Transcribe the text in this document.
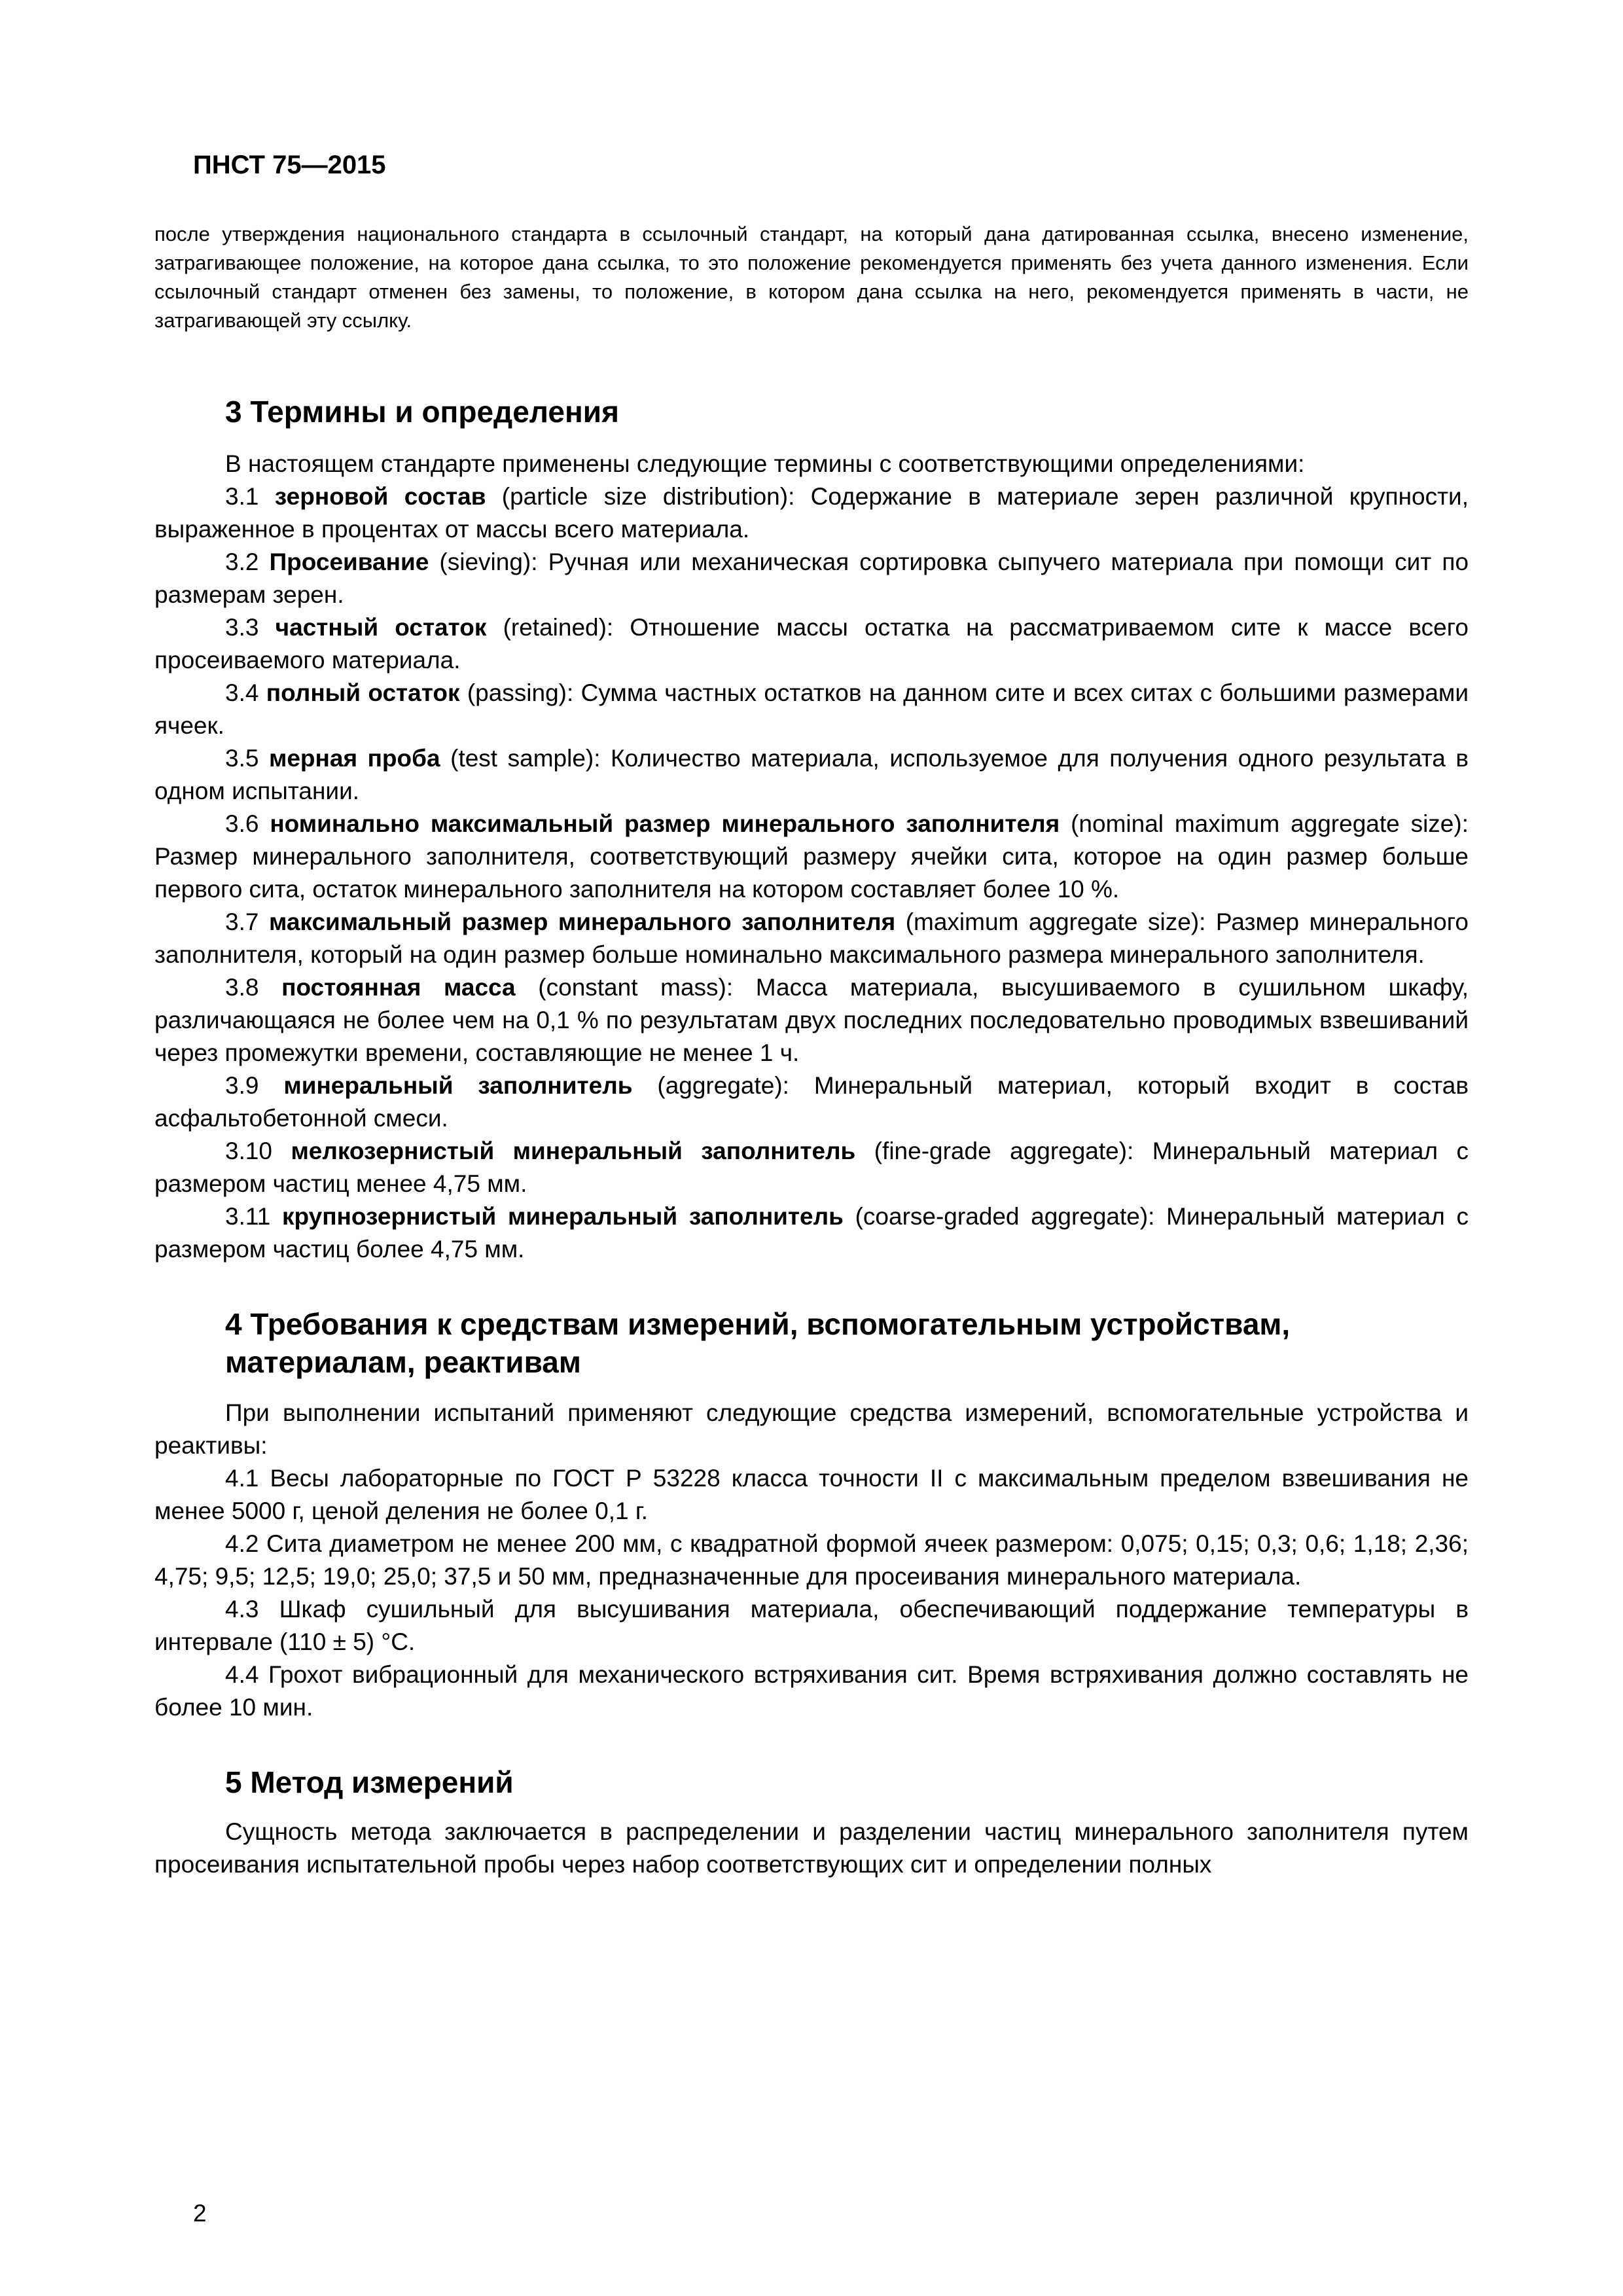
ПНСТ 75—2015

после утверждения национального стандарта в ссылочный стандарт, на который дана датированная ссылка, внесено изменение, затрагивающее положение, на которое дана ссылка, то это положение рекомендуется применять без учета данного изменения. Если ссылочный стандарт отменен без замены, то положение, в котором дана ссылка на него, рекомендуется применять в части, не затрагивающей эту ссылку.

3 Термины и определения

В настоящем стандарте применены следующие термины с соответствующими определениями:

3.1 зерновой состав (particle size distribution): Содержание в материале зерен различной крупности, выраженное в процентах от массы всего материала.

3.2 Просеивание (sieving): Ручная или механическая сортировка сыпучего материала при помощи сит по размерам зерен.

3.3 частный остаток (retained): Отношение массы остатка на рассматриваемом сите к массе всего просеиваемого материала.

3.4 полный остаток (passing): Сумма частных остатков на данном сите и всех ситах с большими размерами ячеек.

3.5 мерная проба (test sample): Количество материала, используемое для получения одного результата в одном испытании.

3.6 номинально максимальный размер минерального заполнителя (nominal maximum aggregate size): Размер минерального заполнителя, соответствующий размеру ячейки сита, которое на один размер больше первого сита, остаток минерального заполнителя на котором составляет более 10 %.

3.7 максимальный размер минерального заполнителя (maximum aggregate size): Размер минерального заполнителя, который на один размер больше номинально максимального размера минерального заполнителя.

3.8 постоянная масса (constant mass): Масса материала, высушиваемого в сушильном шкафу, различающаяся не более чем на 0,1 % по результатам двух последних последовательно проводимых взвешиваний через промежутки времени, составляющие не менее 1 ч.

3.9 минеральный заполнитель (aggregate): Минеральный материал, который входит в состав асфальтобетонной смеси.

3.10 мелкозернистый минеральный заполнитель (fine-grade aggregate): Минеральный материал с размером частиц менее 4,75 мм.

3.11 крупнозернистый минеральный заполнитель (coarse-graded aggregate): Минеральный материал с размером частиц более 4,75 мм.

4 Требования к средствам измерений, вспомогательным устройствам, материалам, реактивам

При выполнении испытаний применяют следующие средства измерений, вспомогательные устройства и реактивы:

4.1 Весы лабораторные по ГОСТ Р 53228 класса точности II с максимальным пределом взвешивания не менее 5000 г, ценой деления не более 0,1 г.

4.2 Сита диаметром не менее 200 мм, с квадратной формой ячеек размером: 0,075; 0,15; 0,3; 0,6; 1,18; 2,36; 4,75; 9,5; 12,5; 19,0; 25,0; 37,5 и 50 мм, предназначенные для просеивания минерального материала.

4.3 Шкаф сушильный для высушивания материала, обеспечивающий поддержание температуры в интервале (110 ± 5) °С.

4.4 Грохот вибрационный для механического встряхивания сит. Время встряхивания должно составлять не более 10 мин.

5 Метод измерений

Сущность метода заключается в распределении и разделении частиц минерального заполнителя путем просеивания испытательной пробы через набор соответствующих сит и определении полных

2
